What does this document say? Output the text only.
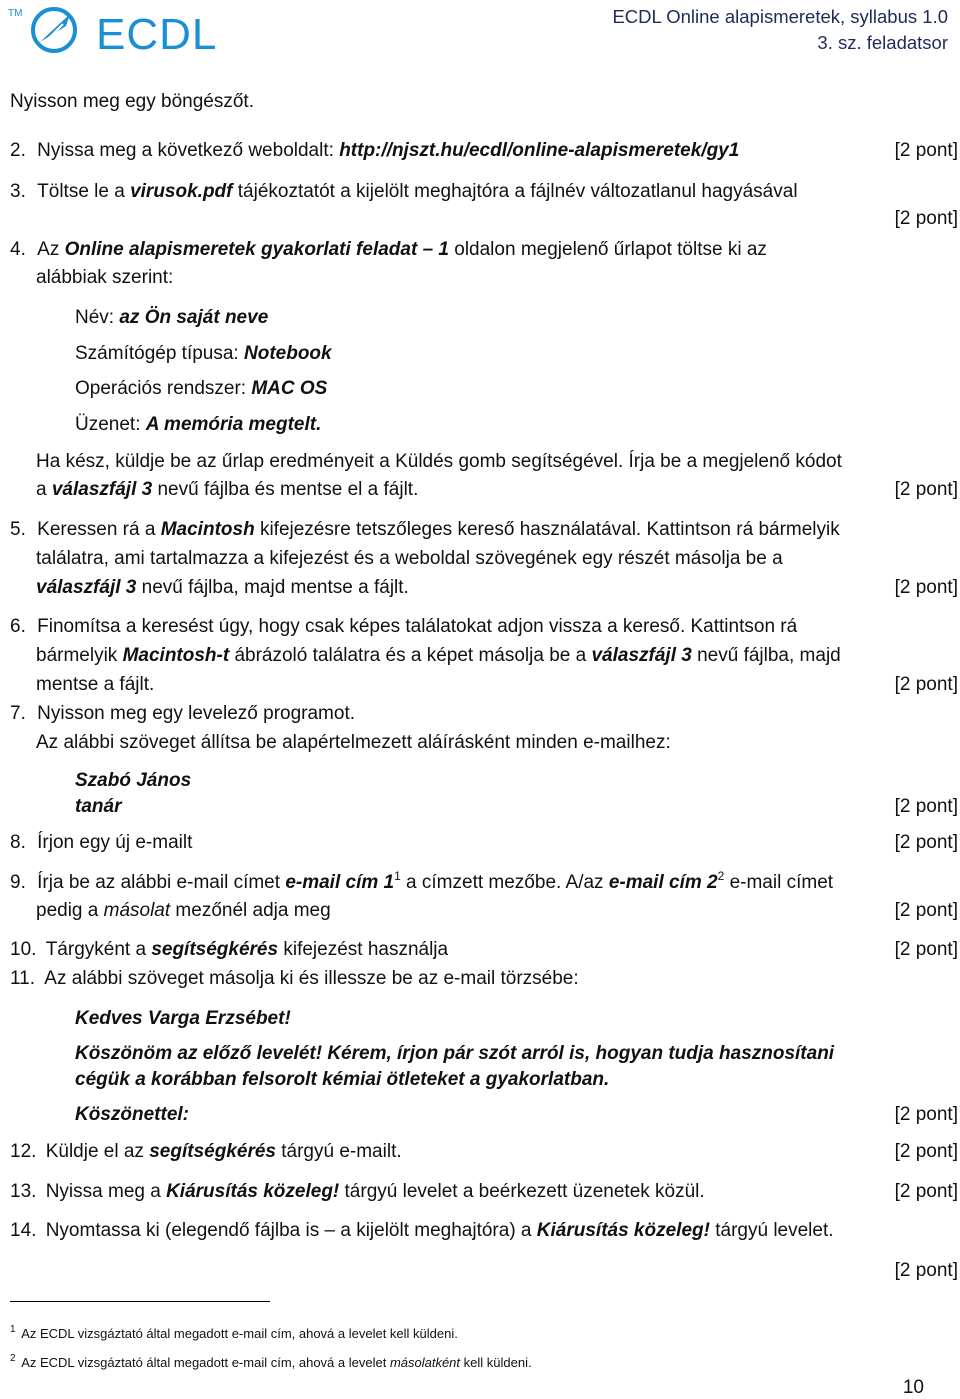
TM ECDL	ECDL Online alapismeretek, syllabus 1.0
3. sz. feladatsor
Nyisson meg egy böngészőt.
2. Nyissa meg a következő weboldalt: http://njszt.hu/ecdl/online-alapismeretek/gy1	[2 pont]
3. Töltse le a virusok.pdf tájékoztatót a kijelölt meghajtóra a fájlnév változatlanul hagyásával
[2 pont]
4. Az Online alapismeretek gyakorlati feladat – 1 oldalon megjelenő űrlapot töltse ki az
alábbiak szerint:
Név: az Ön saját neve
Számítógép típusa: Notebook
Operációs rendszer: MAC OS
Üzenet: A memória megtelt.
Ha kész, küldje be az űrlap eredményeit a Küldés gomb segítségével. Írja be a megjelenő kódot
a válaszfájl 3 nevű fájlba és mentse el a fájlt.	[2 pont]
5. Keressen rá a Macintosh kifejezésre tetszőleges kereső használatával. Kattintson rá bármelyik
találatra, ami tartalmazza a kifejezést és a weboldal szövegének egy részét másolja be a
válaszfájl 3 nevű fájlba, majd mentse a fájlt.	[2 pont]
6. Finomítsa a keresést úgy, hogy csak képes találatokat adjon vissza a kereső. Kattintson rá
bármelyik Macintosh-t ábrázoló találatra és a képet másolja be a válaszfájl 3 nevű fájlba, majd
mentse a fájlt.	[2 pont]
7. Nyisson meg egy levelező programot.
Az alábbi szöveget állítsa be alapértelmezett aláírásként minden e-mailhez:
Szabó János
tanár	[2 pont]
8. Írjon egy új e-mailt	[2 pont]
9. Írja be az alábbi e-mail címet e-mail cím $1^1$ a címzett mezőbe. A/az e-mail cím $2^2$ e-mail címet
pedig a másolat mezőnél adja meg	[2 pont]
10. Tárgyként a segítségkérés kifejezést használja	[2 pont]
11. Az alábbi szöveget másolja ki és illessze be az e-mail törzsébe:
Kedves Varga Erzsébet!
Köszönöm az előző levelét! Kérem, írjon pár szót arról is, hogyan tudja hasznosítani
cégük a korábban felsorolt kémiai ötleteket a gyakorlatban.
Köszönettel:	[2 pont]
12. Küldje el az segítségkérés tárgyú e-mailt.	[2 pont]
13. Nyissa meg a Kiárusítás közeleg! tárgyú levelet a beérkezett üzenetek közül.	[2 pont]
14. Nyomtassa ki (elegendő fájlba is – a kijelölt meghajtóra) a Kiárusítás közeleg! tárgyú levelet.
[2 pont]
$^1$ Az ECDL vizsgáztató által megadott e-mail cím, ahová a levelet kell küldeni.
$^2$ Az ECDL vizsgáztató által megadott e-mail cím, ahová a levelet másolatként kell küldeni.
10
